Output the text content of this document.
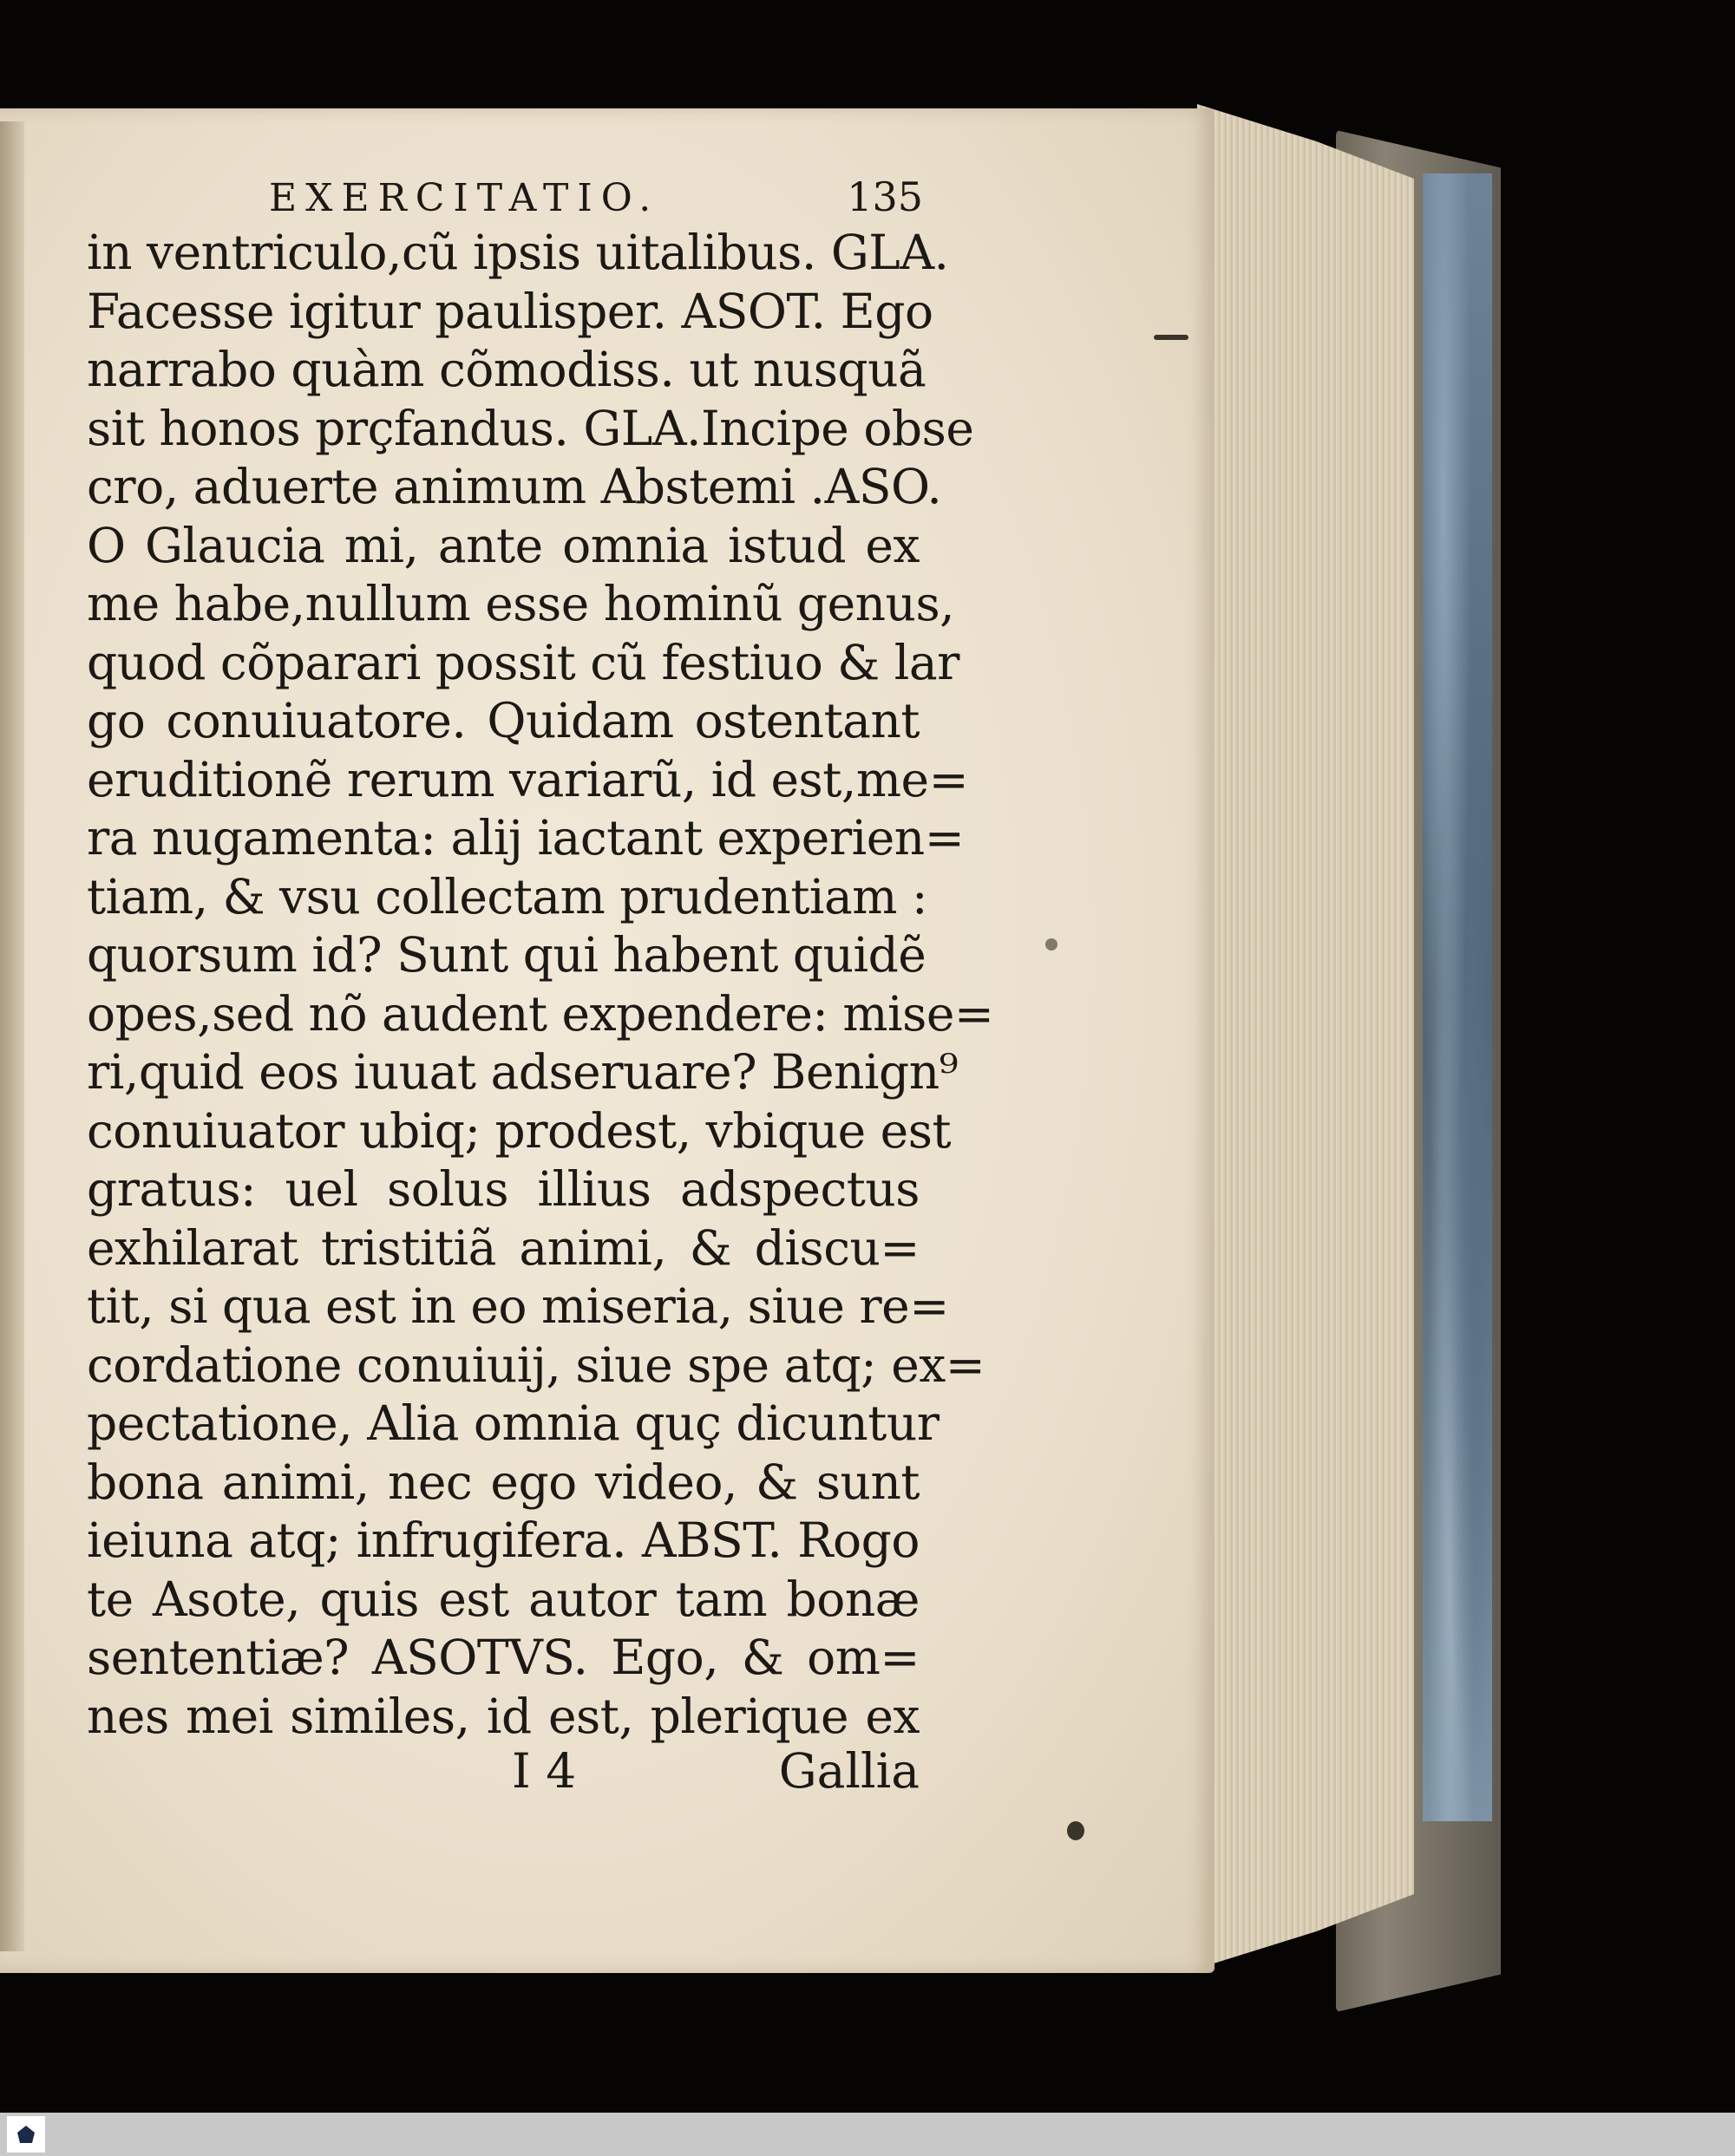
EXERCITATIO.	135
in ventriculo,cũ ipsis uitalibus. GLA.
Facesse igitur paulisper. ASOT. Ego
narrabo quàm cõmodiss. ut nusquã
sit honos prçfandus. GLA.Incipe obse
cro, aduerte animum Abstemi .ASO.
O Glaucia mi, ante omnia istud ex
me habe,nullum esse hominũ genus,
quod cõparari possit cũ festiuo & lar
go conuiuatore. Quidam ostentant
eruditionẽ rerum variarũ, id est,me=
ra nugamenta: alij iactant experien=
tiam, & vsu collectam prudentiam :
quorsum id? Sunt qui habent quidẽ
opes,sed nõ audent expendere: mise=
ri,quid eos iuuat adseruare? Benign⁹
conuiuator ubiq; prodest, vbique est
gratus: uel solus illius adspectus
exhilarat tristitiã animi, & discu=
tit, si qua est in eo miseria, siue re=
cordatione conuiuij, siue spe atq; ex=
pectatione, Alia omnia quç dicuntur
bona animi, nec ego video, & sunt
ieiuna atq; infrugifera. ABST. Rogo
te Asote, quis est autor tam bonæ
sententiæ? ASOTVS. Ego, & om=
nes mei similes, id est, plerique ex
I 4	Gallia
